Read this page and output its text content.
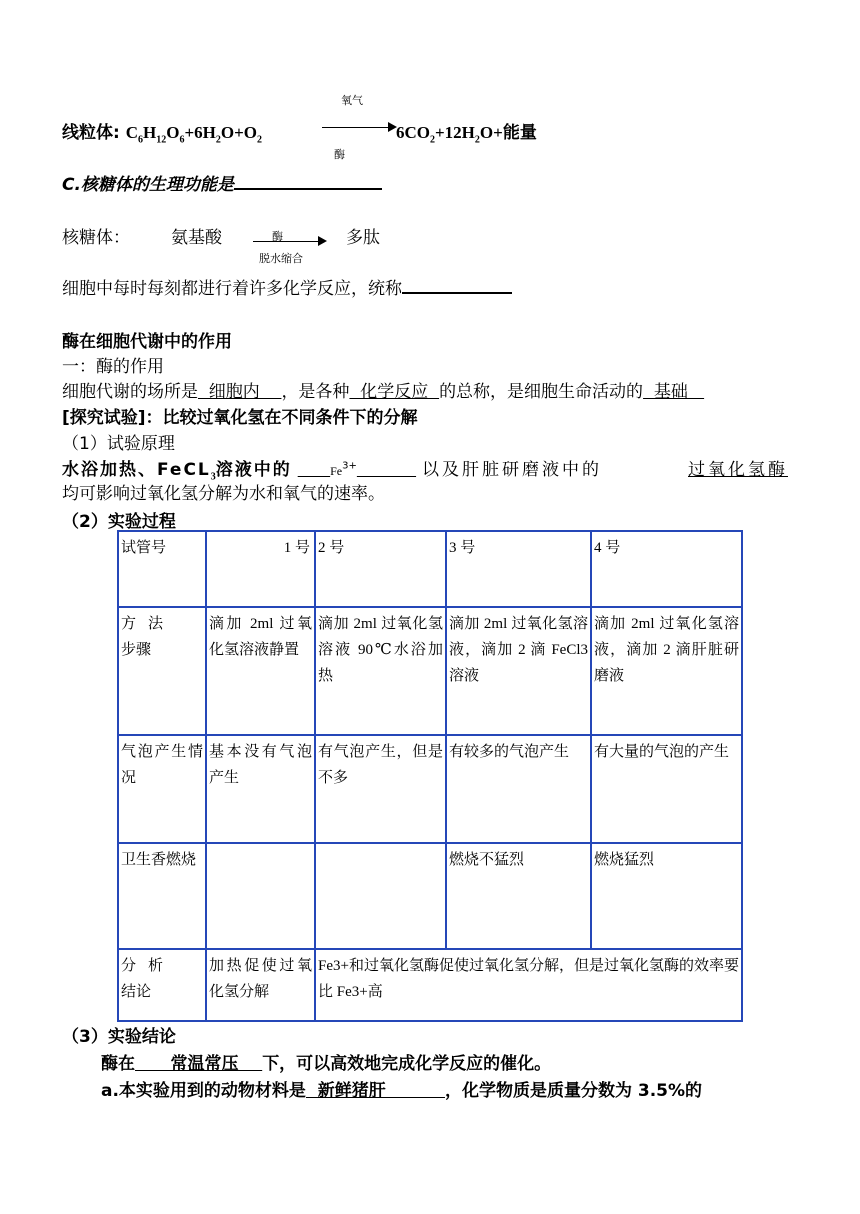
氧气
线粒体: $C_6H_{12}O_6+6H_2O+O_2$	$6CO_2+12H_2O+$能量
酶
C.核糖体的生理功能是
核糖体： 氨基酸	酶
脱水缩合
多肽
细胞中每时每刻都进行着许多化学反应，统称
酶在细胞代谢中的作用
一：酶的作用
细胞代谢的场所是  细胞内    ，是各种  化学反应  的总称，是细胞生命活动的  基础
[探究试验]：比较过氧化氢在不同条件下的分解
（1）试验原理
水浴加热、FeCL$_3$溶液中的	$Fe^{3+}$	以及肝脏研磨液中的	过氧化氢酶
均可影响过氧化氢分解为水和氧气的速率。
（2）实验过程
试管号	1 号	2 号	3 号	4 号

方法步骤	滴加 2ml 过氧化氢溶液静置	滴加 2ml 过氧化氢溶液 90℃水浴加热	滴加 2ml 过氧化氢溶液，滴加 2 滴 FeCl3溶液	滴加 2ml 过氧化氢溶液，滴加 2 滴肝脏研磨液
气泡产生情况	基本没有气泡产生	有气泡产生，但是不多	有较多的气泡产生	有大量的气泡的产生
卫生香燃烧			燃烧不猛烈	燃烧猛烈

分析结论	加热促使过氧化氢分解	Fe3+和过氧化氢酶促使过氧化氢分解，但是过氧化氢酶的效率要比 Fe3+高		
（3）实验结论
酶在      常温常压    下，可以高效地完成化学反应的催化。
a.本实验用到的动物材料是  新鲜猪肝          ，化学物质是质量分数为 3.5%的
